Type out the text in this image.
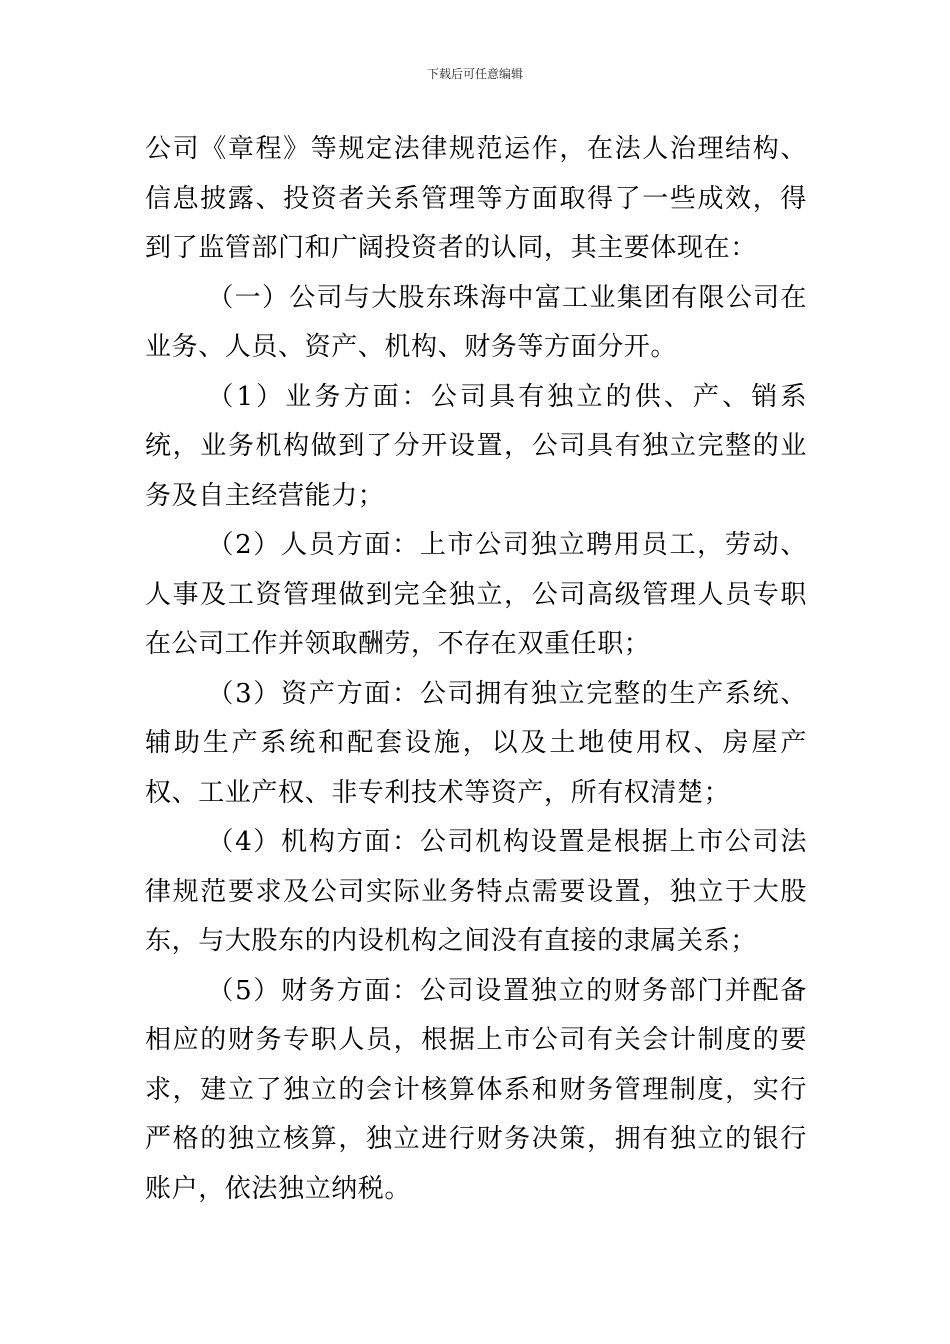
下载后可任意编辑

公司《章程》等规定法律规范运作，在法人治理结构、信息披露、投资者关系管理等方面取得了一些成效，得到了监管部门和广阔投资者的认同，其主要体现在：

（一）公司与大股东珠海中富工业集团有限公司在业务、人员、资产、机构、财务等方面分开。

（1）业务方面：公司具有独立的供、产、销系统，业务机构做到了分开设置，公司具有独立完整的业务及自主经营能力；

（2）人员方面：上市公司独立聘用员工，劳动、人事及工资管理做到完全独立，公司高级管理人员专职在公司工作并领取酬劳，不存在双重任职；

（3）资产方面：公司拥有独立完整的生产系统、辅助生产系统和配套设施，以及土地使用权、房屋产权、工业产权、非专利技术等资产，所有权清楚；

（4）机构方面：公司机构设置是根据上市公司法律规范要求及公司实际业务特点需要设置，独立于大股东，与大股东的内设机构之间没有直接的隶属关系；

（5）财务方面：公司设置独立的财务部门并配备相应的财务专职人员，根据上市公司有关会计制度的要求，建立了独立的会计核算体系和财务管理制度，实行严格的独立核算，独立进行财务决策，拥有独立的银行账户，依法独立纳税。
